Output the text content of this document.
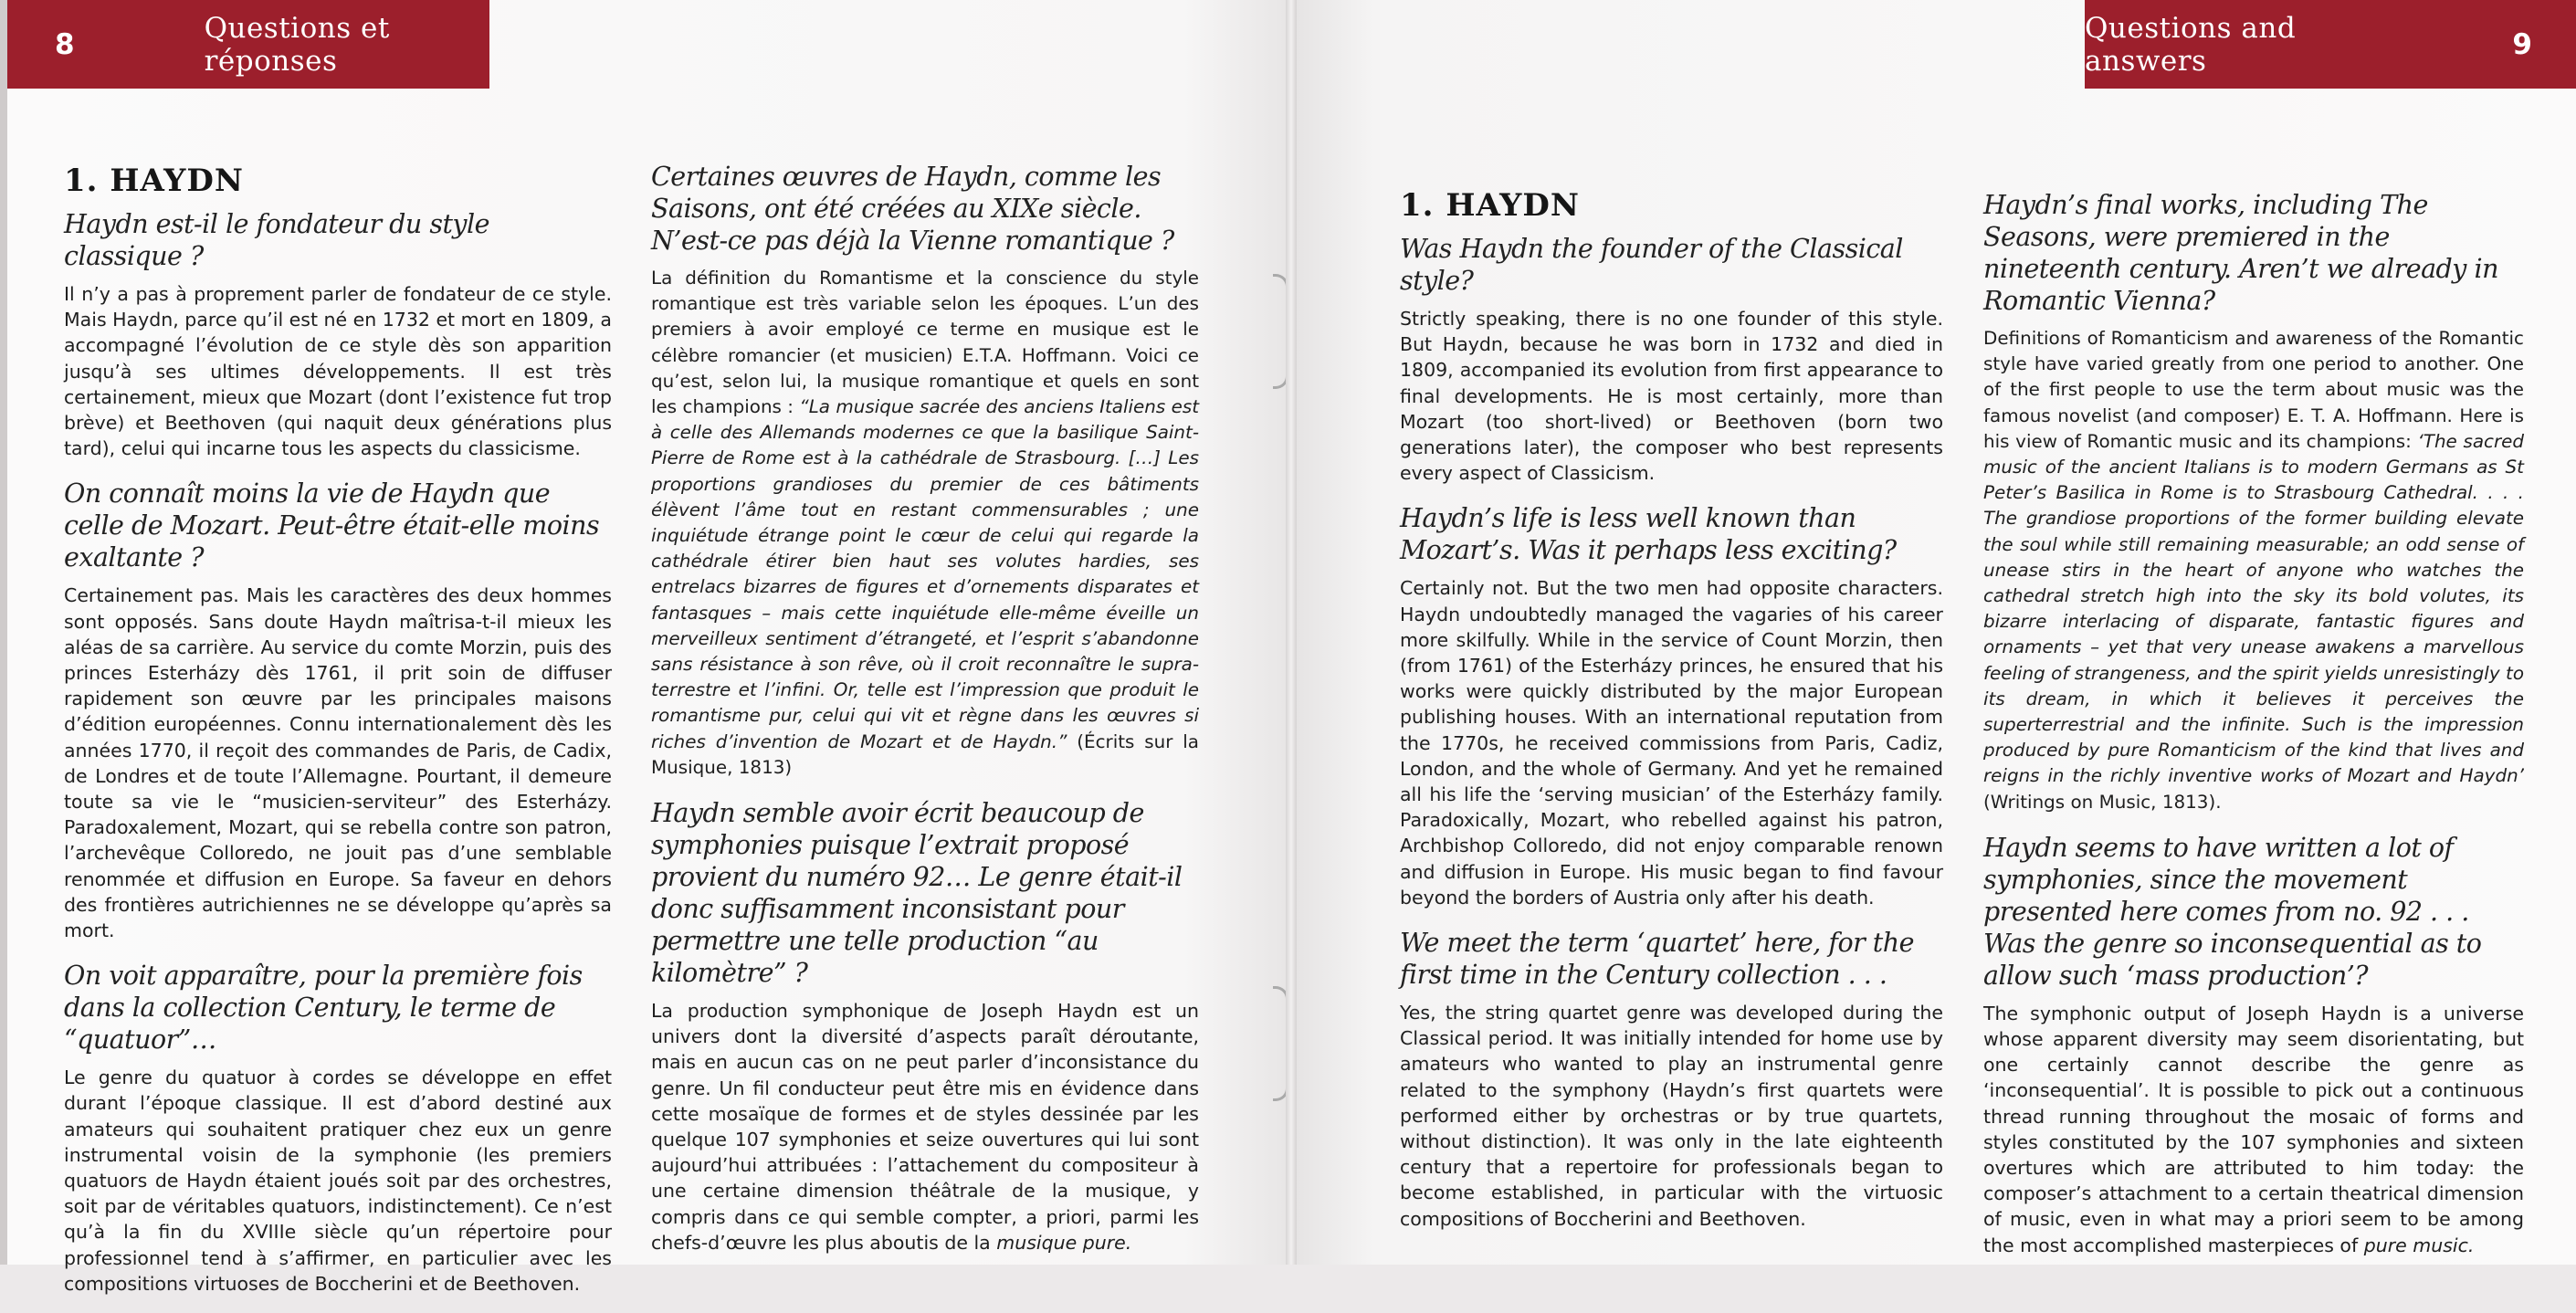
8	Questions et réponses
1. HAYDN
Haydn est-il le fondateur du style classique ?
Il n’y a pas à proprement parler de fondateur de ce style. Mais Haydn, parce qu’il est né en 1732 et mort en 1809, a accompagné l’évolution de ce style dès son apparition jusqu’à ses ultimes développements. Il est très certainement, mieux que Mozart (dont l’existence fut trop brève) et Beethoven (qui naquit deux générations plus tard), celui qui incarne tous les aspects du classicisme.
On connaît moins la vie de Haydn que celle de Mozart. Peut-être était-elle moins exaltante ?
Certainement pas. Mais les caractères des deux hommes sont opposés. Sans doute Haydn maîtrisa-t-il mieux les aléas de sa carrière. Au service du comte Morzin, puis des princes Esterházy dès 1761, il prit soin de diffuser rapidement son œuvre par les principales maisons d’édition européennes. Connu internationalement dès les années 1770, il reçoit des commandes de Paris, de Cadix, de Londres et de toute l’Allemagne. Pourtant, il demeure toute sa vie le “musicien-serviteur” des Esterházy. Paradoxalement, Mozart, qui se rebella contre son patron, l’archevêque Colloredo, ne jouit pas d’une semblable renommée et diffusion en Europe. Sa faveur en dehors des frontières autrichiennes ne se développe qu’après sa mort.
On voit apparaître, pour la première fois dans la collection Century, le terme de “quatuor”…
Le genre du quatuor à cordes se développe en effet durant l’époque classique. Il est d’abord destiné aux amateurs qui souhaitent pratiquer chez eux un genre instrumental voisin de la symphonie (les premiers quatuors de Haydn étaient joués soit par des orchestres, soit par de véritables quatuors, indistinctement). Ce n’est qu’à la fin du XVIIIe siècle qu’un répertoire pour professionnel tend à s’affirmer, en particulier avec les compositions virtuoses de Boccherini et de Beethoven.
Certaines œuvres de Haydn, comme les Saisons, ont été créées au XIXe siècle. N’est-ce pas déjà la Vienne romantique ?
La définition du Romantisme et la conscience du style romantique est très variable selon les époques. L’un des premiers à avoir employé ce terme en musique est le célèbre romancier (et musicien) E.T.A. Hoffmann. Voici ce qu’est, selon lui, la musique romantique et quels en sont les champions : “La musique sacrée des anciens Italiens est à celle des Allemands modernes ce que la basilique Saint-Pierre de Rome est à la cathédrale de Strasbourg. […] Les proportions grandioses du premier de ces bâtiments élèvent l’âme tout en restant commensurables ; une inquiétude étrange point le cœur de celui qui regarde la cathédrale étirer bien haut ses volutes hardies, ses entrelacs bizarres de figures et d’ornements disparates et fantasques – mais cette inquiétude elle-même éveille un merveilleux sentiment d’étrangeté, et l’esprit s’abandonne sans résistance à son rêve, où il croit reconnaître le supra-terrestre et l’infini. Or, telle est l’impression que produit le romantisme pur, celui qui vit et règne dans les œuvres si riches d’invention de Mozart et de Haydn.” (Écrits sur la Musique, 1813)
Haydn semble avoir écrit beaucoup de symphonies puisque l’extrait proposé provient du numéro 92… Le genre était-il donc suffisamment inconsistant pour permettre une telle production “au kilomètre” ?
La production symphonique de Joseph Haydn est un univers dont la diversité d’aspects paraît déroutante, mais en aucun cas on ne peut parler d’inconsistance du genre. Un fil conducteur peut être mis en évidence dans cette mosaïque de formes et de styles dessinée par les quelque 107 symphonies et seize ouvertures qui lui sont aujourd’hui attribuées : l’attachement du compositeur à une certaine dimension théâtrale de la musique, y compris dans ce qui semble compter, a priori, parmi les chefs-d’œuvre les plus aboutis de la musique pure.
Questions and answers	9
1. HAYDN
Was Haydn the founder of the Classical style?
Strictly speaking, there is no one founder of this style. But Haydn, because he was born in 1732 and died in 1809, accompanied its evolution from first appearance to final developments. He is most certainly, more than Mozart (too short-lived) or Beethoven (born two generations later), the composer who best represents every aspect of Classicism.
Haydn’s life is less well known than Mozart’s. Was it perhaps less exciting?
Certainly not. But the two men had opposite characters. Haydn undoubtedly managed the vagaries of his career more skilfully. While in the service of Count Morzin, then (from 1761) of the Esterházy princes, he ensured that his works were quickly distributed by the major European publishing houses. With an international reputation from the 1770s, he received commissions from Paris, Cadiz, London, and the whole of Germany. And yet he remained all his life the ‘serving musician’ of the Esterházy family. Paradoxically, Mozart, who rebelled against his patron, Archbishop Colloredo, did not enjoy comparable renown and diffusion in Europe. His music began to find favour beyond the borders of Austria only after his death.
We meet the term ‘quartet’ here, for the first time in the Century collection . . .
Yes, the string quartet genre was developed during the Classical period. It was initially intended for home use by amateurs who wanted to play an instrumental genre related to the symphony (Haydn’s first quartets were performed either by orchestras or by true quartets, without distinction). It was only in the late eighteenth century that a repertoire for professionals began to become established, in particular with the virtuosic compositions of Boccherini and Beethoven.
Haydn’s final works, including The Seasons, were premiered in the nineteenth century. Aren’t we already in Romantic Vienna?
Definitions of Romanticism and awareness of the Romantic style have varied greatly from one period to another. One of the first people to use the term about music was the famous novelist (and composer) E. T. A. Hoffmann. Here is his view of Romantic music and its champions: ‘The sacred music of the ancient Italians is to modern Germans as St Peter’s Basilica in Rome is to Strasbourg Cathedral. . . . The grandiose proportions of the former building elevate the soul while still remaining measurable; an odd sense of unease stirs in the heart of anyone who watches the cathedral stretch high into the sky its bold volutes, its bizarre interlacing of disparate, fantastic figures and ornaments – yet that very unease awakens a marvellous feeling of strangeness, and the spirit yields unresistingly to its dream, in which it believes it perceives the superterrestrial and the infinite. Such is the impression produced by pure Romanticism of the kind that lives and reigns in the richly inventive works of Mozart and Haydn’ (Writings on Music, 1813).
Haydn seems to have written a lot of symphonies, since the movement presented here comes from no. 92 . . . Was the genre so inconsequential as to allow such ‘mass production’?
The symphonic output of Joseph Haydn is a universe whose apparent diversity may seem disorientating, but one certainly cannot describe the genre as ‘inconsequential’. It is possible to pick out a continuous thread running throughout the mosaic of forms and styles constituted by the 107 symphonies and sixteen overtures which are attributed to him today: the composer’s attachment to a certain theatrical dimension of music, even in what may a priori seem to be among the most accomplished masterpieces of pure music.
